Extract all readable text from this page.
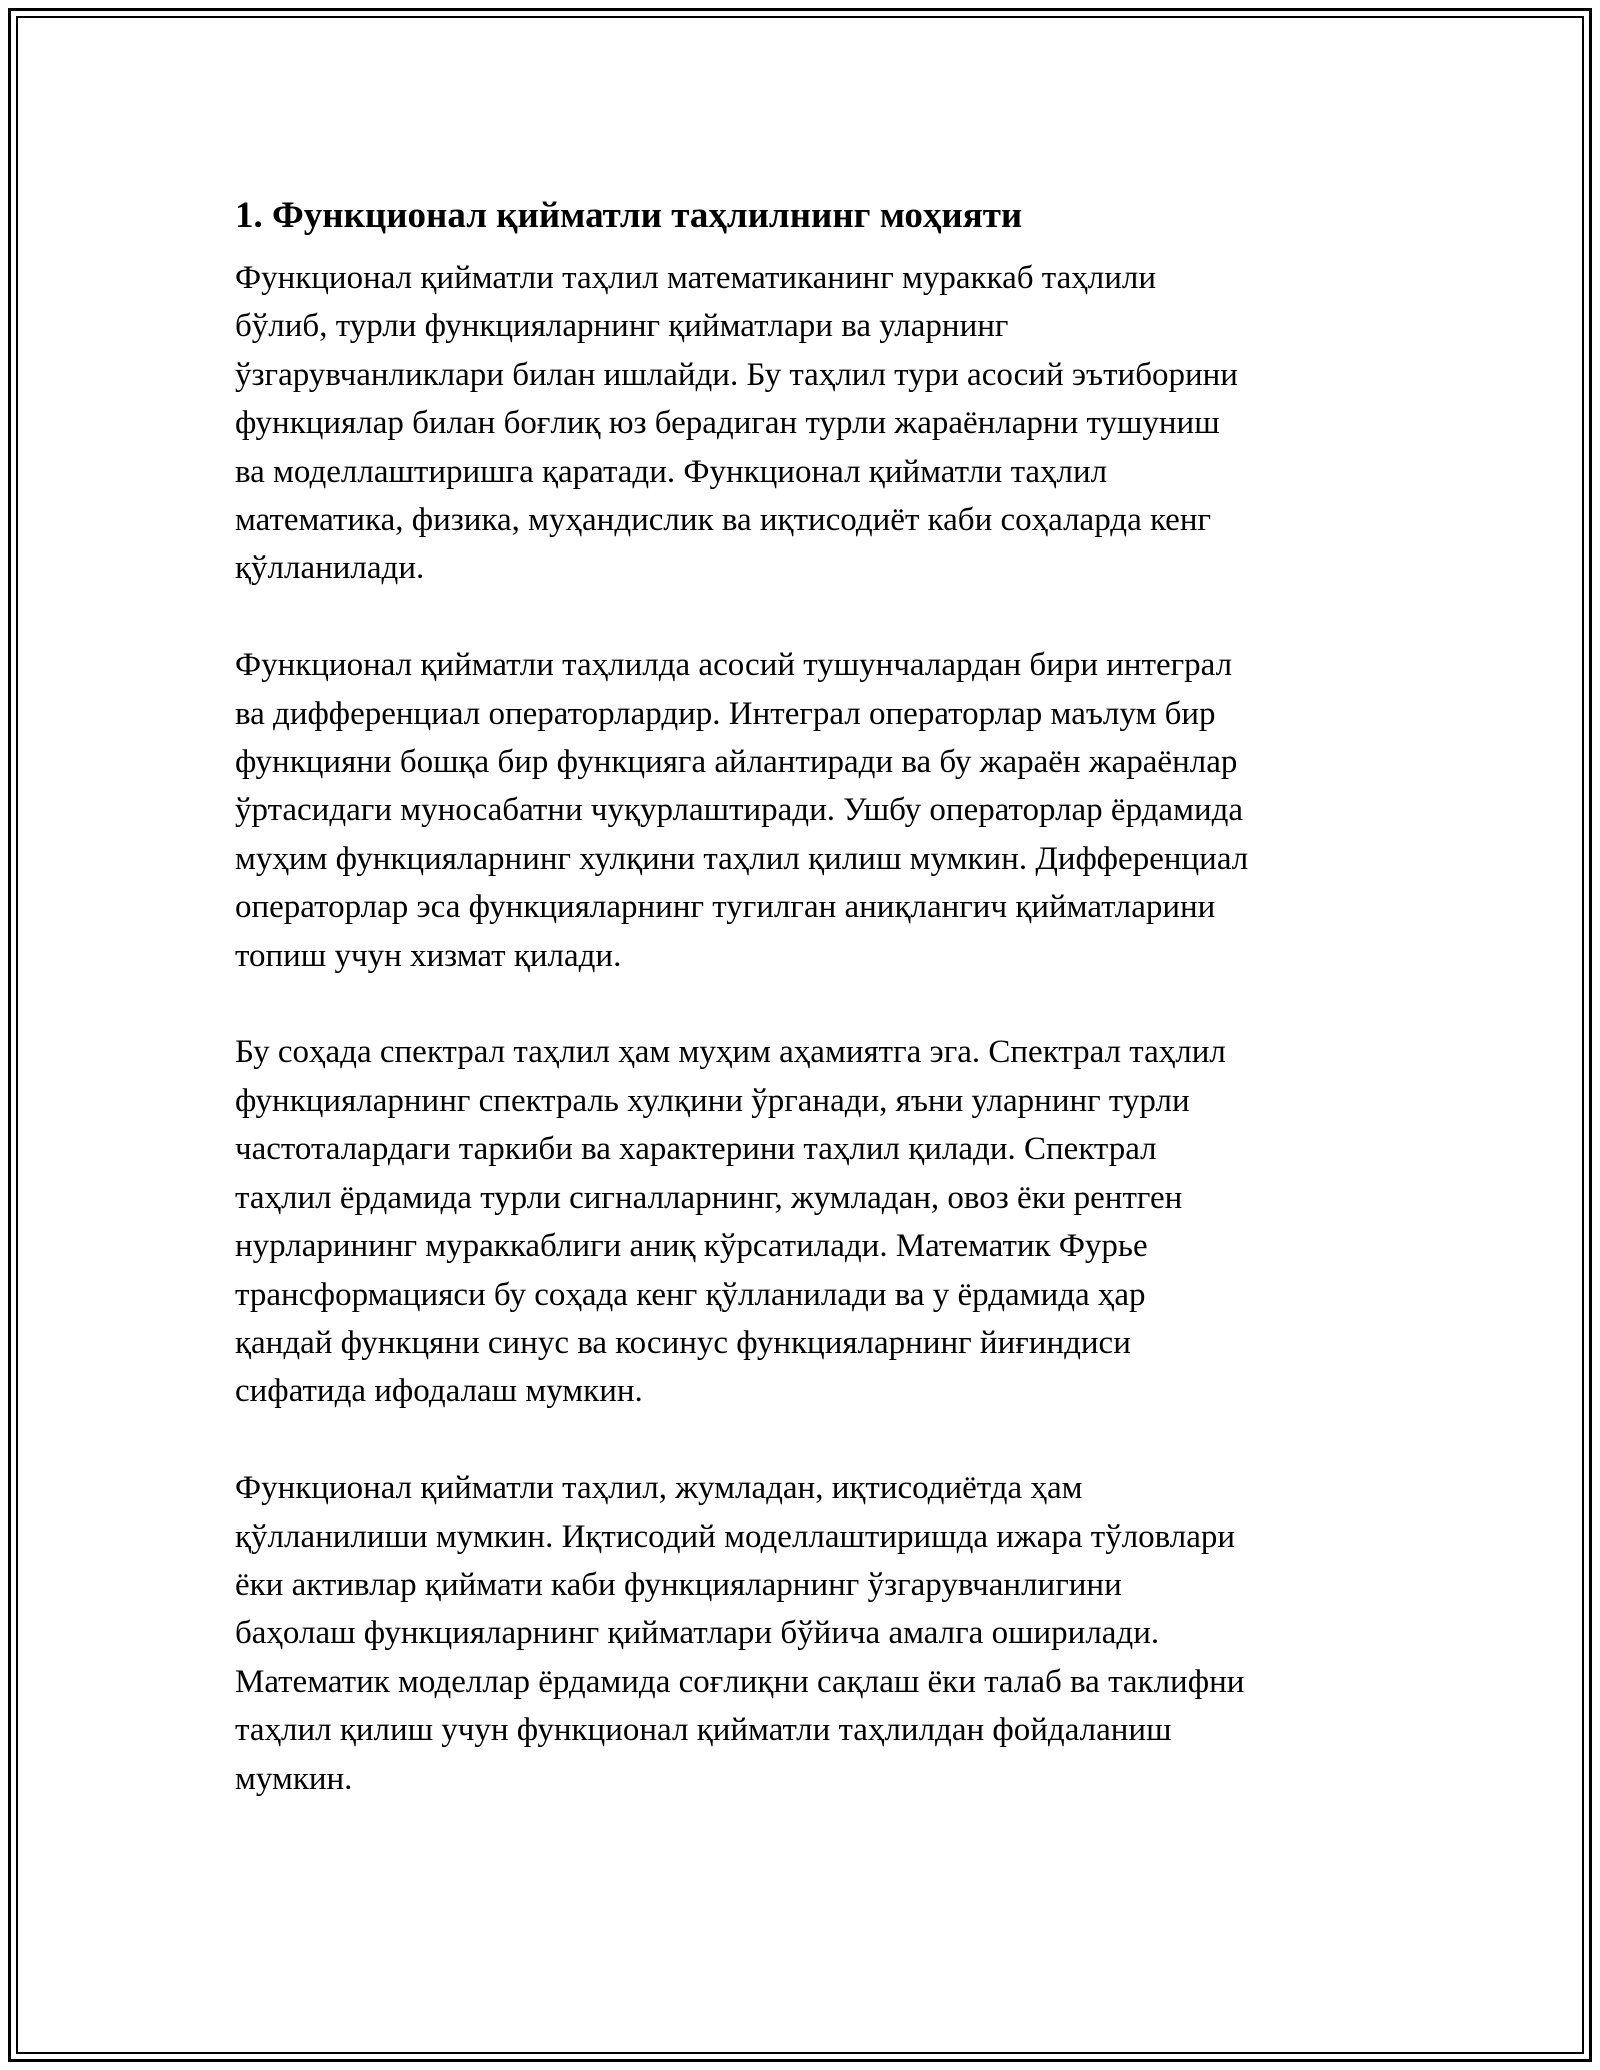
1. Функционал қийматли таҳлилнинг моҳияти
Функционал қийматли таҳлил математиканинг мураккаб таҳлили
бўлиб, турли функцияларнинг қийматлари ва уларнинг
ўзгарувчанликлари билан ишлайди. Бу таҳлил тури асосий эътиборини
функциялар билан боғлиқ юз берадиган турли жараёнларни тушуниш
ва моделлаштиришга қаратади. Функционал қийматли таҳлил
математика, физика, муҳандислик ва иқтисодиёт каби соҳаларда кенг
қўлланилади.
Функционал қийматли таҳлилда асосий тушунчалардан бири интеграл
ва дифференциал операторлардир. Интеграл операторлар маълум бир
функцияни бошқа бир функцияга айлантиради ва бу жараён жараёнлар
ўртасидаги муносабатни чуқурлаштиради. Ушбу операторлар ёрдамида
муҳим функцияларнинг хулқини таҳлил қилиш мумкин. Дифференциал
операторлар эса функцияларнинг тугилган аниқлангич қийматларини
топиш учун хизмат қилади.
Бу соҳада спектрал таҳлил ҳам муҳим аҳамиятга эга. Спектрал таҳлил
функцияларнинг спектраль хулқини ўрганади, яъни уларнинг турли
частоталардаги таркиби ва характерини таҳлил қилади. Спектрал
таҳлил ёрдамида турли сигналларнинг, жумладан, овоз ёки рентген
нурларининг мураккаблиги аниқ кўрсатилади. Математик Фурье
трансформацияси бу соҳада кенг қўлланилади ва у ёрдамида ҳар
қандай функцяни синус ва косинус функцияларнинг йиғиндиси
сифатида ифодалаш мумкин.
Функционал қийматли таҳлил, жумладан, иқтисодиётда ҳам
қўлланилиши мумкин. Иқтисодий моделлаштиришда ижара тўловлари
ёки активлар қиймати каби функцияларнинг ўзгарувчанлигини
баҳолаш функцияларнинг қийматлари бўйича амалга оширилади.
Математик моделлар ёрдамида соғлиқни сақлаш ёки талаб ва таклифни
таҳлил қилиш учун функционал қийматли таҳлилдан фойдаланиш
мумкин.
